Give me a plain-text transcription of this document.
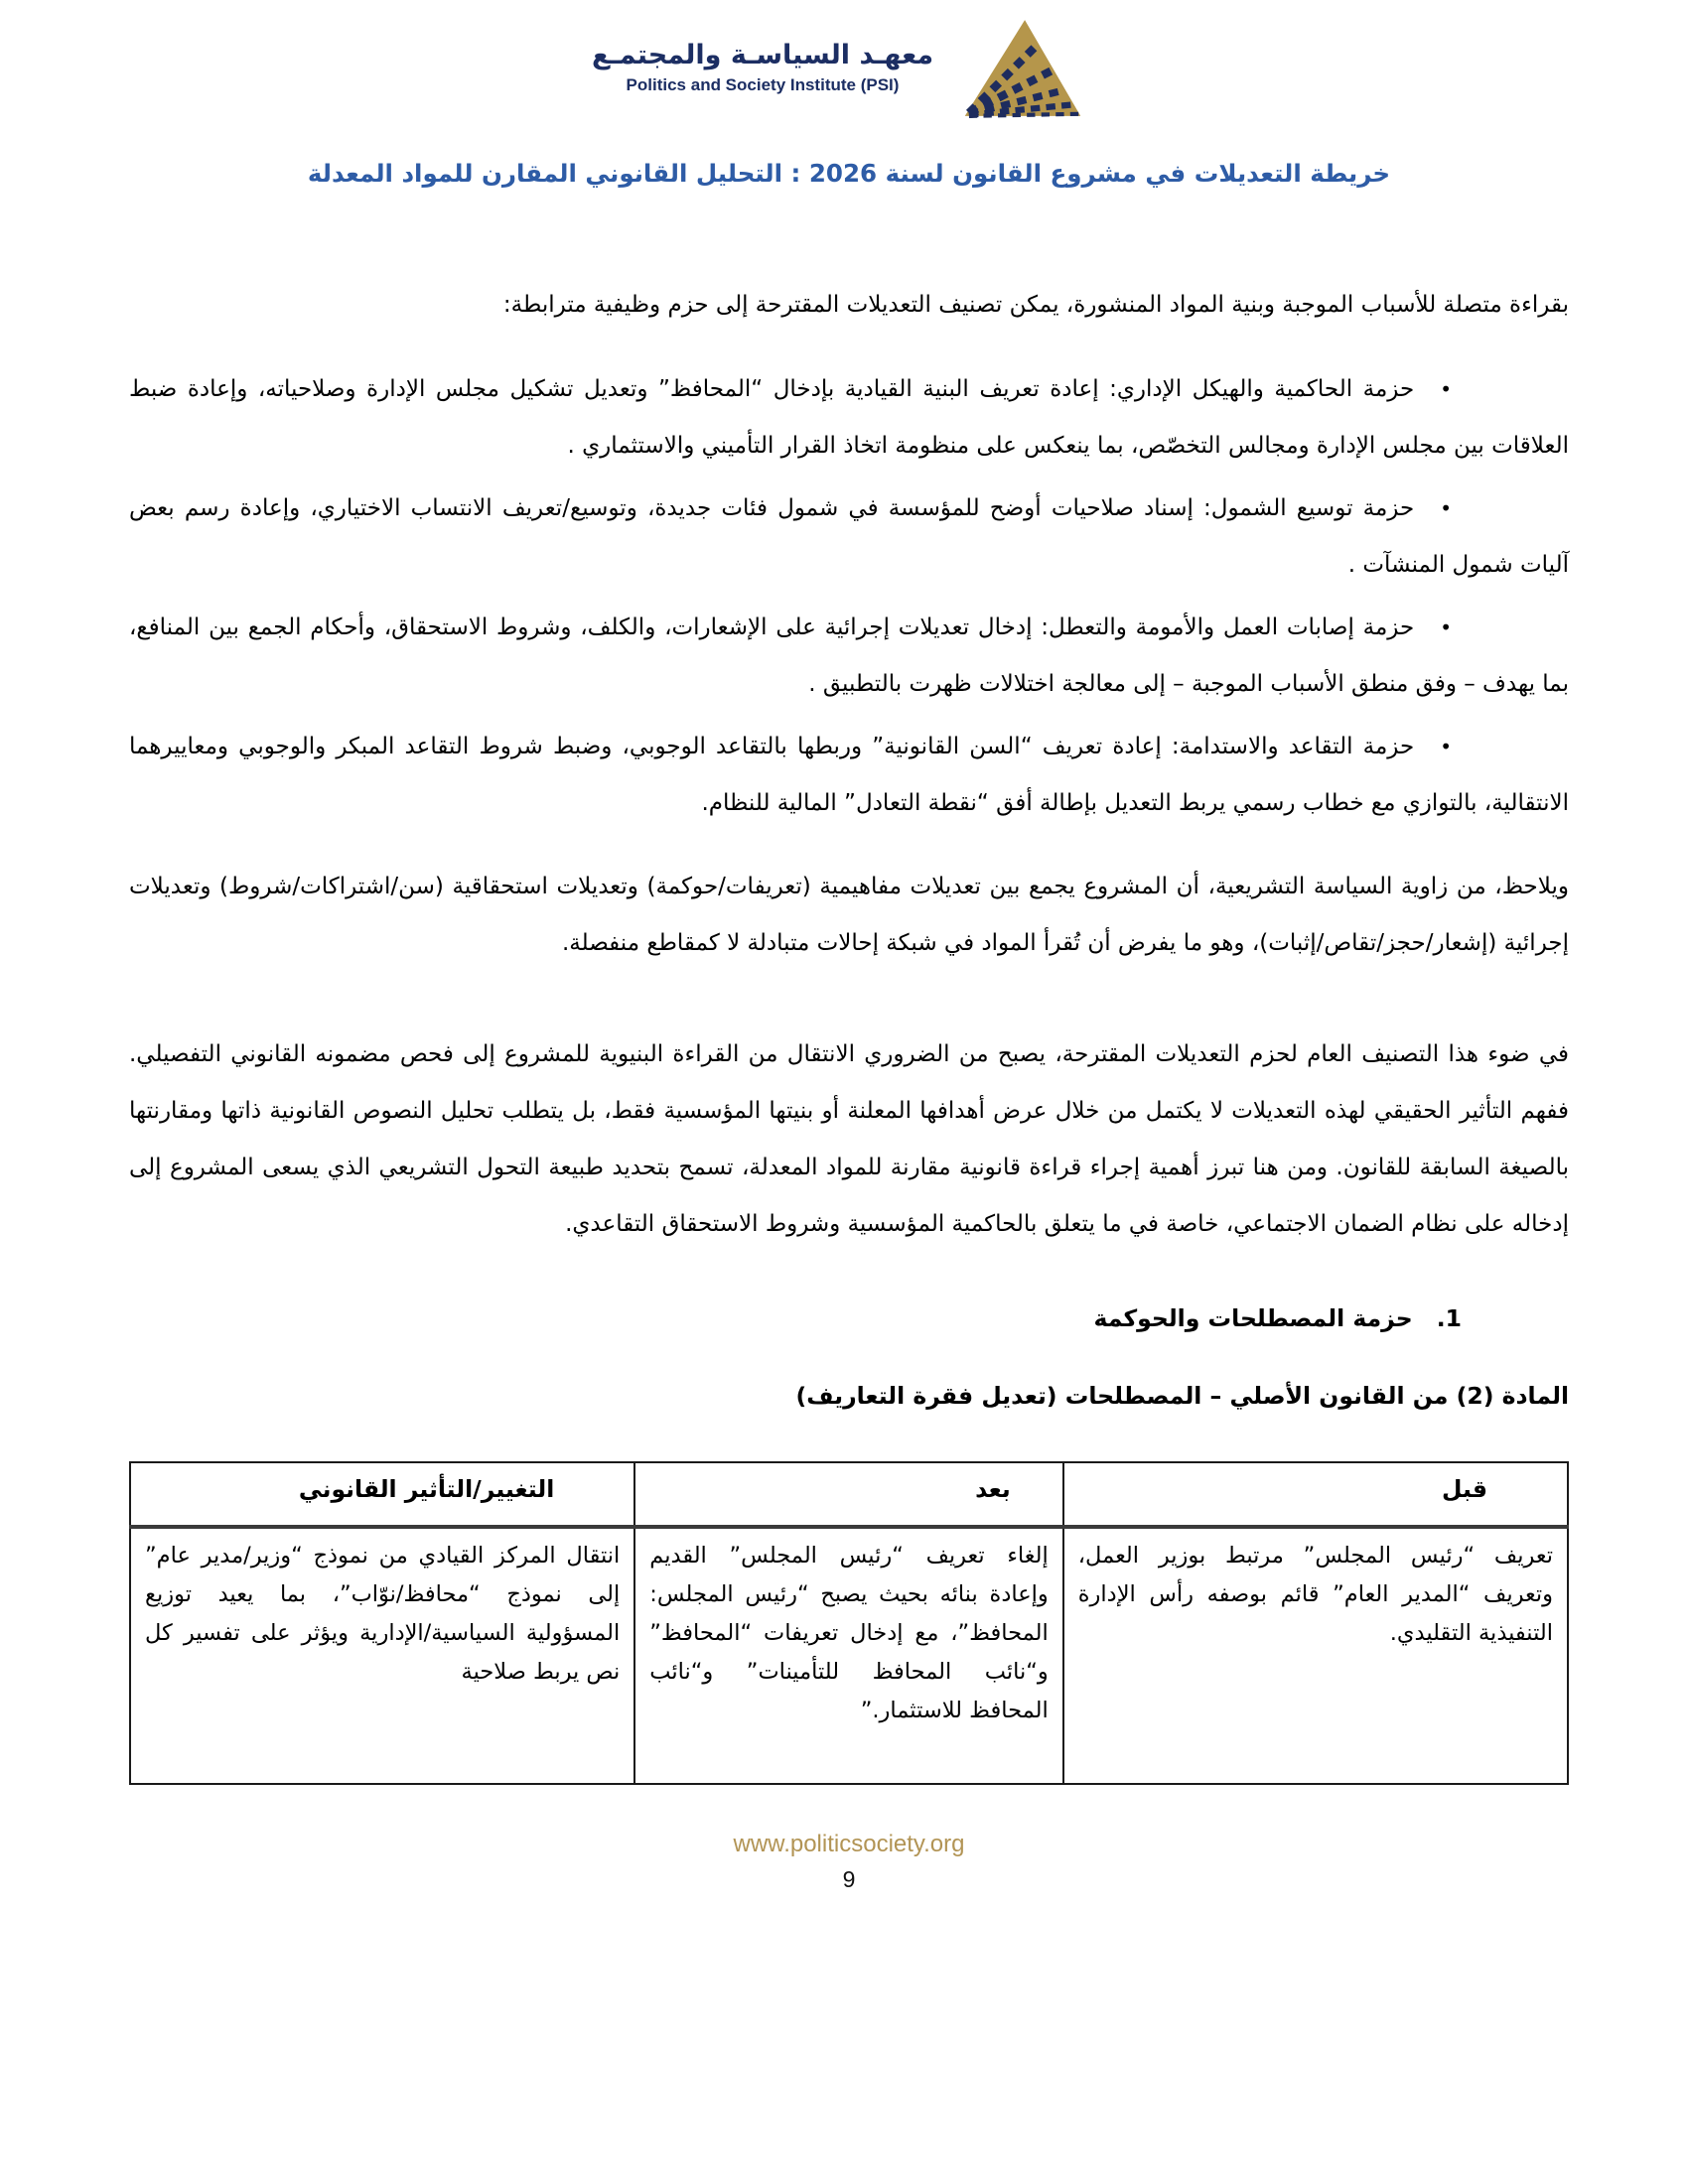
معهـد السياسـة والمجتمـع
Politics and Society Institute (PSI)
خريطة التعديلات في مشروع القانون لسنة 2026 : التحليل القانوني المقارن للمواد المعدلة
بقراءة متصلة للأسباب الموجبة وبنية المواد المنشورة، يمكن تصنيف التعديلات المقترحة إلى حزم وظيفية مترابطة:
•حزمة الحاكمية والهيكل الإداري: إعادة تعريف البنية القيادية بإدخال “المحافظ” وتعديل تشكيل مجلس الإدارة وصلاحياته، وإعادة ضبط العلاقات بين مجلس الإدارة ومجالس التخصّص، بما ينعكس على منظومة اتخاذ القرار التأميني والاستثماري .
•حزمة توسيع الشمول: إسناد صلاحيات أوضح للمؤسسة في شمول فئات جديدة، وتوسيع/تعريف الانتساب الاختياري، وإعادة رسم بعض آليات شمول المنشآت .
•حزمة إصابات العمل والأمومة والتعطل: إدخال تعديلات إجرائية على الإشعارات، والكلف، وشروط الاستحقاق، وأحكام الجمع بين المنافع، بما يهدف – وفق منطق الأسباب الموجبة – إلى معالجة اختلالات ظهرت بالتطبيق .
•حزمة التقاعد والاستدامة: إعادة تعريف “السن القانونية” وربطها بالتقاعد الوجوبي، وضبط شروط التقاعد المبكر والوجوبي ومعاييرهما الانتقالية، بالتوازي مع خطاب رسمي يربط التعديل بإطالة أفق “نقطة التعادل” المالية للنظام.
ويلاحظ، من زاوية السياسة التشريعية، أن المشروع يجمع بين تعديلات مفاهيمية (تعريفات/حوكمة) وتعديلات استحقاقية (سن/اشتراكات/شروط) وتعديلات إجرائية (إشعار/حجز/تقاص/إثبات)، وهو ما يفرض أن تُقرأ المواد في شبكة إحالات متبادلة لا كمقاطع منفصلة.
في ضوء هذا التصنيف العام لحزم التعديلات المقترحة، يصبح من الضروري الانتقال من القراءة البنيوية للمشروع إلى فحص مضمونه القانوني التفصيلي. ففهم التأثير الحقيقي لهذه التعديلات لا يكتمل من خلال عرض أهدافها المعلنة أو بنيتها المؤسسية فقط، بل يتطلب تحليل النصوص القانونية ذاتها ومقارنتها بالصيغة السابقة للقانون. ومن هنا تبرز أهمية إجراء قراءة قانونية مقارنة للمواد المعدلة، تسمح بتحديد طبيعة التحول التشريعي الذي يسعى المشروع إلى إدخاله على نظام الضمان الاجتماعي، خاصة في ما يتعلق بالحاكمية المؤسسية وشروط الاستحقاق التقاعدي.
1.حزمة المصطلحات والحوكمة
المادة (2) من القانون الأصلي – المصطلحات (تعديل فقرة التعاريف)
قبل	بعد	التغيير/التأثير القانوني
تعريف “رئيس المجلس” مرتبط بوزير العمل، وتعريف “المدير العام” قائم بوصفه رأس الإدارة التنفيذية التقليدي.	إلغاء تعريف “رئيس المجلس” القديم وإعادة بنائه بحيث يصبح “رئيس المجلس: المحافظ”، مع إدخال تعريفات “المحافظ” و“نائب المحافظ للتأمينات” و“نائب المحافظ للاستثمار.”	انتقال المركز القيادي من نموذج “وزير/مدير عام” إلى نموذج “محافظ/نوّاب”، بما يعيد توزيع المسؤولية السياسية/الإدارية ويؤثر على تفسير كل نص يربط صلاحية
www.politicsociety.org
9
